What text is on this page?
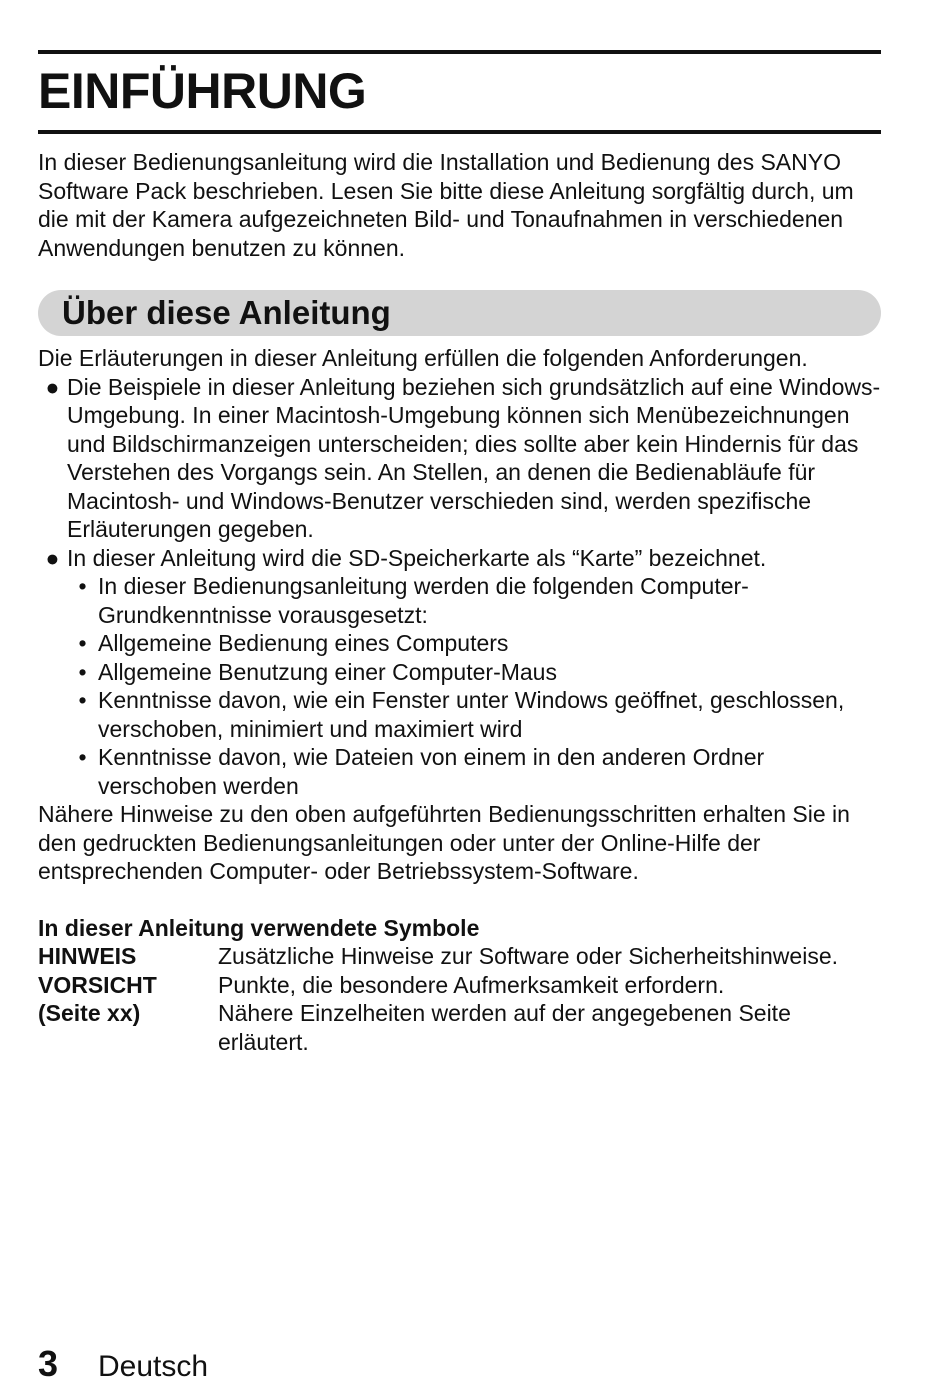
EINFÜHRUNG

In dieser Bedienungsanleitung wird die Installation und Bedienung des SANYO Software Pack beschrieben. Lesen Sie bitte diese Anleitung sorgfältig durch, um die mit der Kamera aufgezeichneten Bild- und Tonaufnahmen in verschiedenen Anwendungen benutzen zu können.

Über diese Anleitung

Die Erläuterungen in dieser Anleitung erfüllen die folgenden Anforderungen.

● Die Beispiele in dieser Anleitung beziehen sich grundsätzlich auf eine Windows-Umgebung. In einer Macintosh-Umgebung können sich Menübezeichnungen und Bildschirmanzeigen unterscheiden; dies sollte aber kein Hindernis für das Verstehen des Vorgangs sein. An Stellen, an denen die Bedienabläufe für Macintosh- und Windows-Benutzer verschieden sind, werden spezifische Erläuterungen gegeben.
● In dieser Anleitung wird die SD-Speicherkarte als “Karte” bezeichnet.
• In dieser Bedienungsanleitung werden die folgenden Computer-Grundkenntnisse vorausgesetzt:
• Allgemeine Bedienung eines Computers
• Allgemeine Benutzung einer Computer-Maus
• Kenntnisse davon, wie ein Fenster unter Windows geöffnet, geschlossen, verschoben, minimiert und maximiert wird
• Kenntnisse davon, wie Dateien von einem in den anderen Ordner verschoben werden

Nähere Hinweise zu den oben aufgeführten Bedienungsschritten erhalten Sie in den gedruckten Bedienungsanleitungen oder unter der Online-Hilfe der entsprechenden Computer- oder Betriebssystem-Software.

In dieser Anleitung verwendete Symbole

HINWEIS	Zusätzliche Hinweise zur Software oder Sicherheitshinweise.
VORSICHT	Punkte, die besondere Aufmerksamkeit erfordern.
(Seite xx)	Nähere Einzelheiten werden auf der angegebenen Seite erläutert.
3	Deutsch
